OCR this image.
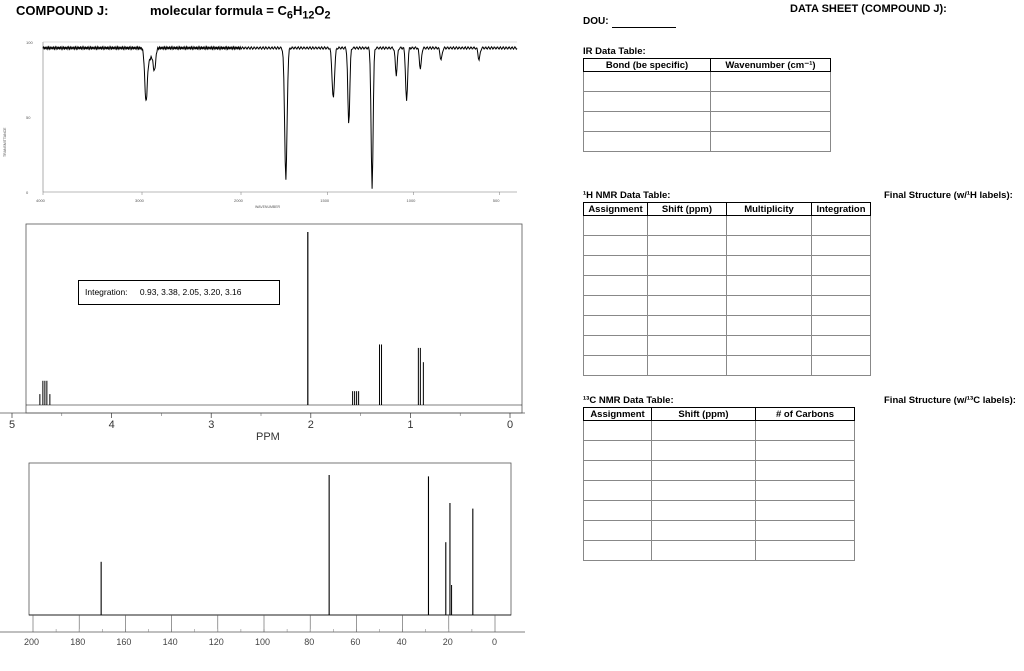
COMPOUND J:	molecular formula = $C_6H_{12}O_2$
DATA SHEET (COMPOUND J):
DOU:
100
50
0
4000	3000	2000	1500	1000	500
TRANSMITTANCE
WAVENUMBER
5	4	3	2	1	0
PPM
Integration: 0.93, 3.38, 2.05, 3.20, 3.16
200	180	160	140	120	100	80	60	40	20	0
IR Data Table:
Bond (be specific)	Wavenumber (cm⁻¹)

¹H NMR Data Table:
Assignment	Shift (ppm)	Multiplicity	Integration

¹³C NMR Data Table:
Assignment	Shift (ppm)	# of Carbons

Final Structure (w/¹H labels):
Final Structure (w/¹³C labels):
